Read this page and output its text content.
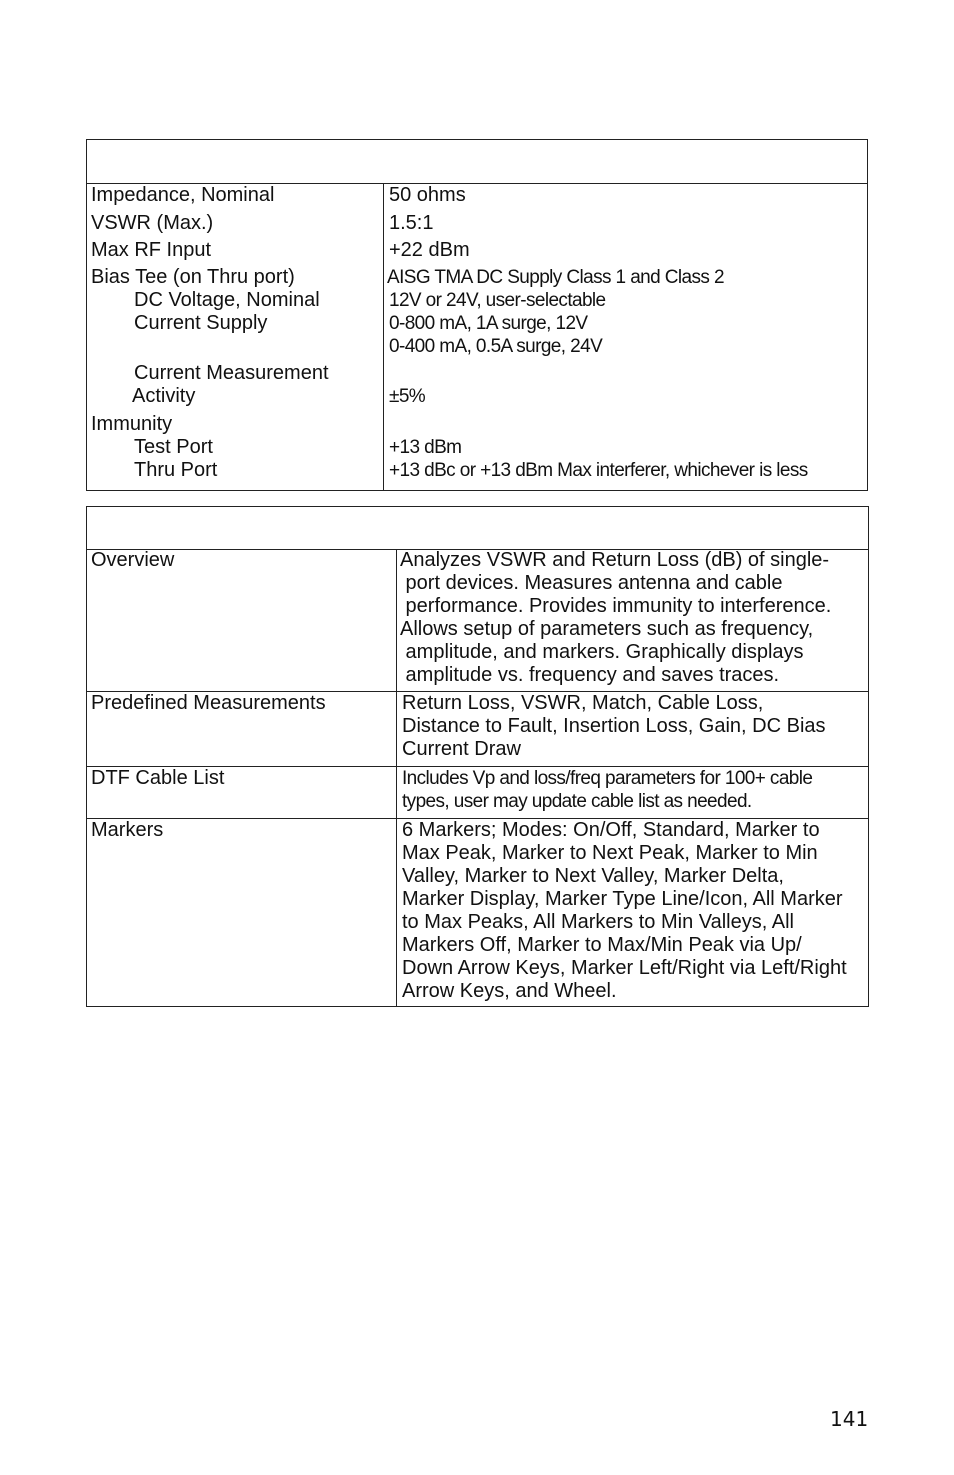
Impedance, Nominal	50 ohms
VSWR (Max.)	1.5:1
Max RF Input	+22 dBm
Bias Tee (on Thru port)	AISG TMA DC Supply Class 1 and Class 2
DC Voltage, Nominal	12V or 24V, user-selectable
Current Supply	0-800 mA, 1A surge, 12V
0-400 mA, 0.5A surge, 24V
Current Measurement
Activity	±5%
Immunity
Test Port	+13 dBm
Thru Port	+13 dBc or +13 dBm Max interferer, whichever is less
Overview	Analyzes VSWR and Return Loss (dB) of single-
port devices. Measures antenna and cable
performance. Provides immunity to interference.
Allows setup of parameters such as frequency,
amplitude, and markers. Graphically displays
amplitude vs. frequency and saves traces.
Predefined Measurements	Return Loss, VSWR, Match, Cable Loss,
Distance to Fault, Insertion Loss, Gain, DC Bias
Current Draw
DTF Cable List	Includes Vp and loss/freq parameters for 100+ cable
types, user may update cable list as needed.
Markers	6 Markers; Modes: On/Off, Standard, Marker to
Max Peak, Marker to Next Peak, Marker to Min
Valley, Marker to Next Valley, Marker Delta,
Marker Display, Marker Type Line/Icon, All Marker
to Max Peaks, All Markers to Min Valleys, All
Markers Off, Marker to Max/Min Peak via Up/
Down Arrow Keys, Marker Left/Right via Left/Right
Arrow Keys, and Wheel.
141
